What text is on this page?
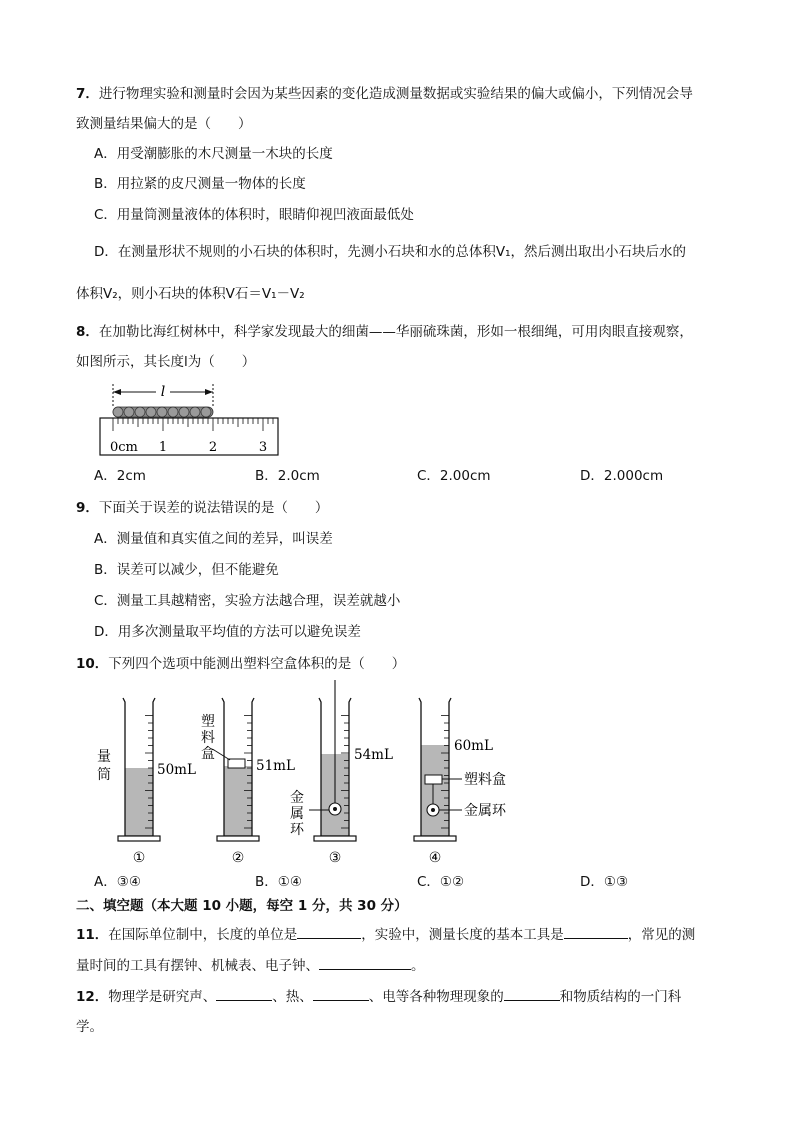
7．进行物理实验和测量时会因为某些因素的变化造成测量数据或实验结果的偏大或偏小，下列情况会导
致测量结果偏大的是（　　）
A．用受潮膨胀的木尺测量一木块的长度
B．用拉紧的皮尺测量一物体的长度
C．用量筒测量液体的体积时，眼睛仰视凹液面最低处
D．在测量形状不规则的小石块的体积时，先测小石块和水的总体积V₁，然后测出取出小石块后水的
体积V₂，则小石块的体积V石＝V₁－V₂
8．在加勒比海红树林中，科学家发现最大的细菌——华丽硫珠菌，形如一根细绳，可用肉眼直接观察，
如图所示，其长度l为（　　）
l
0cm 1	2	3
A．2cm	B．2.0cm	C．2.00cm	D．2.000cm
9．下面关于误差的说法错误的是（　　）
A．测量值和真实值之间的差异，叫误差
B．误差可以减少，但不能避免
C．测量工具越精密，实验方法越合理，误差就越小
D．用多次测量取平均值的方法可以避免误差
10．下列四个选项中能测出塑料空盒体积的是（　　）
量
筒	50mL
①
塑
料
盒
51mL
②
金
属
环
54mL
③
60mL
塑料盒
金属环
④
A．③④	B．①④	C．①②	D．①③
二、填空题（本大题 10 小题，每空 1 分，共 30 分）
11．在国际单位制中，长度的单位是	，实验中，测量长度的基本工具是	，常见的测
量时间的工具有摆钟、机械表、电子钟、	。
12．物理学是研究声、	、热、	、电等各种物理现象的	和物质结构的一门科
学。
